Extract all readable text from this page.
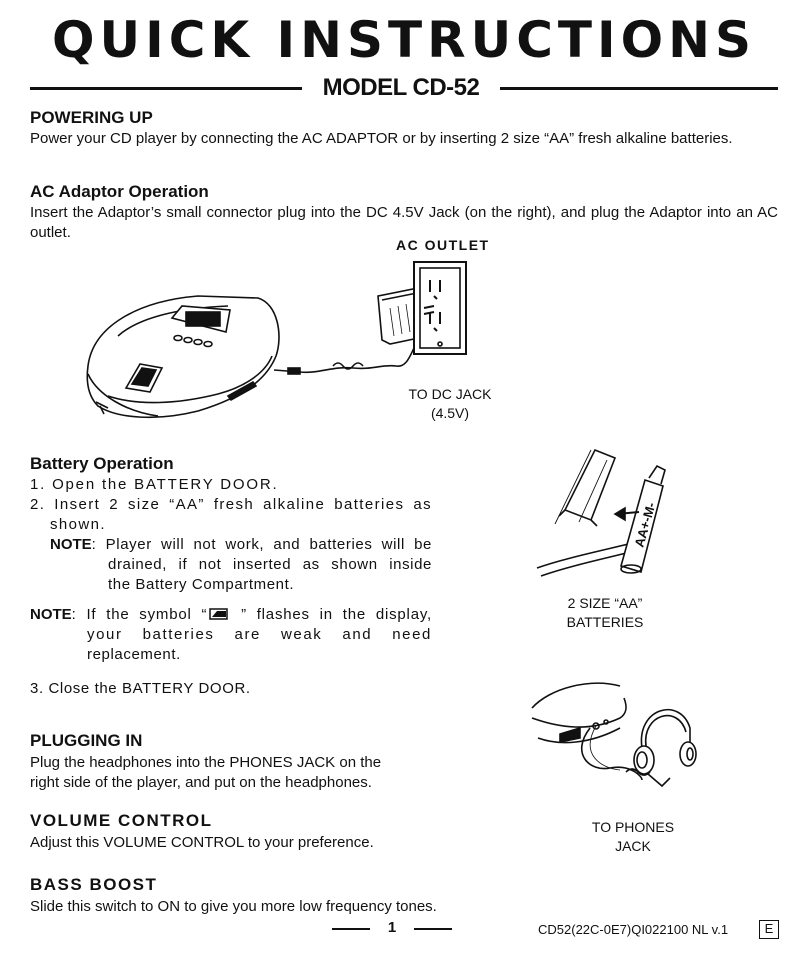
QUICK INSTRUCTIONS
MODEL CD-52
POWERING UP

Power your CD player by connecting the AC ADAPTOR or by inserting 2 size “AA” fresh alkaline batteries.

AC Adaptor Operation

Insert the Adaptor’s small connector plug into the DC 4.5V Jack (on the right), and plug the Adaptor into an AC outlet.

AC OUTLET
TO DC JACK
(4.5V)
Battery Operation
1. Open the BATTERY DOOR.
2. Insert 2 size “AA” fresh alkaline batteries as
shown.
NOTE : Player will not work, and batteries will be
drained, if not inserted as shown inside
the Battery Compartment.
NOTE : If the symbol “ ” flashes in the display,
your batteries are weak and need
replacement.
3. Close the BATTERY DOOR.
AA+-M-
2 SIZE “AA”
BATTERIES
PLUGGING IN
Plug the headphones into the PHONES JACK on the
right side of the player, and put on the headphones.
TO PHONES
JACK
VOLUME CONTROL
Adjust this VOLUME CONTROL to your preference.
BASS BOOST
Slide this switch to ON to give you more low frequency tones.
1	CD52(22C-0E7)QI022100 NL v.1	E
